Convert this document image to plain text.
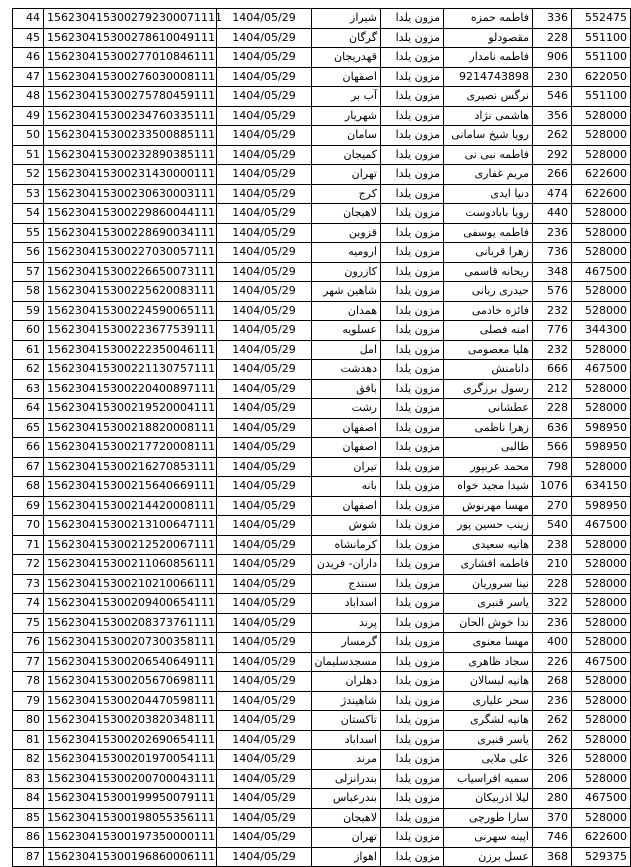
44	1562304153002792300071111	1404/05/29	شیراز	مزون یلدا	فاطمه حمزه	336	552475
45	156230415300278610049111	1404/05/29	گرگان	مزون یلدا	مقصودلو	228	551100
46	156230415300277010846111	1404/05/29	قهدریجان	مزون یلدا	فاطمه نامدار	906	551100
47	156230415300276030008111	1404/05/29	اصفهان	مزون یلدا	9214743898	230	622050
48	156230415300275780459111	1404/05/29	آب بر	مزون یلدا	نرگس نصیری	546	551100
49	156230415300234760335111	1404/05/29	شهریار	مزون یلدا	هاشمی نژاد	356	528000
50	156230415300233500885111	1404/05/29	سامان	مزون یلدا	رویا شیخ سامانی	262	528000
51	156230415300232890385111	1404/05/29	کمیجان	مزون یلدا	فاطمه نبی نی	292	528000
52	156230415300231430000111	1404/05/29	تهران	مزون یلدا	مریم غفاری	266	622600
53	156230415300230630003111	1404/05/29	کرج	مزون یلدا	دنیا ایدی	474	622600
54	156230415300229860044111	1404/05/29	لاهیجان	مزون یلدا	رویا بابادوست	440	528000
55	156230415300228690034111	1404/05/29	قزوین	مزون یلدا	فاطمه یوسفی	236	528000
56	156230415300227030057111	1404/05/29	ارومیه	مزون یلدا	زهرا قربانی	736	528000
57	156230415300226650073111	1404/05/29	کازرون	مزون یلدا	ریحانه قاسمی	348	467500
58	156230415300225620083111	1404/05/29	شاهین شهر	مزون یلدا	حیدری ربانی	576	528000
59	156230415300224590065111	1404/05/29	همدان	مزون یلدا	فائزه خادمی	232	528000
60	156230415300223677539111	1404/05/29	عسلویه	مزون یلدا	امنه فصلی	776	344300
61	156230415300222350046111	1404/05/29	امل	مزون یلدا	هلیا معصومی	232	528000
62	156230415300221130757111	1404/05/29	دهدشت	مزون یلدا	دانامنش	666	467500
63	156230415300220400897111	1404/05/29	بافق	مزون یلدا	رسول برزگری	212	528000
64	156230415300219520004111	1404/05/29	رشت	مزون یلدا	عطشانی	228	528000
65	156230415300218820008111	1404/05/29	اصفهان	مزون یلدا	زهرا ناظمی	636	598950
66	156230415300217720008111	1404/05/29	اصفهان	مزون یلدا	طالبی	566	598950
67	156230415300216270853111	1404/05/29	تیران	مزون یلدا	محمد عربپور	798	528000
68	156230415300215640669111	1404/05/29	بانه	مزون یلدا	شیدا مجید خواه	1076	634150
69	156230415300214420008111	1404/05/29	اصفهان	مزون یلدا	مهسا مهرنوش	270	598950
70	156230415300213100647111	1404/05/29	شوش	مزون یلدا	زینب حسین پور	540	467500
71	156230415300212520067111	1404/05/29	کرمانشاه	مزون یلدا	هانیه سعیدی	238	528000
72	156230415300211060856111	1404/05/29	داران- فریدن	مزون یلدا	فاطمه افشاری	210	528000
73	156230415300210210066111	1404/05/29	سنندج	مزون یلدا	نینا سروریان	228	528000
74	156230415300209400654111	1404/05/29	اسداباد	مزون یلدا	یاسر قنبری	322	528000
75	156230415300208373761111	1404/05/29	پرند	مزون یلدا	ندا خوش الحان	236	528000
76	156230415300207300358111	1404/05/29	گرمسار	مزون یلدا	مهسا معنوی	400	528000
77	156230415300206540649111	1404/05/29	مسجدسلیمان	مزون یلدا	سجاد ظاهری	226	467500
78	156230415300205670698111	1404/05/29	دهلران	مزون یلدا	هانیه لبسالان	268	528000
79	156230415300204470598111	1404/05/29	شاهیندژ	مزون یلدا	سحر علیاری	236	528000
80	156230415300203820348111	1404/05/29	تاکستان	مزون یلدا	هانیه لشگری	262	528000
81	156230415300202690654111	1404/05/29	اسداباد	مزون یلدا	یاسر قنبری	262	528000
82	156230415300201970054111	1404/05/29	مرند	مزون یلدا	علی ملایی	326	528000
83	156230415300200700043111	1404/05/29	بندرانزلی	مزون یلدا	سمیه افراسیاب	206	528000
84	156230415300199950079111	1404/05/29	بندرعباس	مزون یلدا	لیلا اذربیکان	280	467500
85	156230415300198055356111	1404/05/29	لاهیجان	مزون یلدا	سارا طورچی	370	528000
86	156230415300197350000111	1404/05/29	تهران	مزون یلدا	اپینه سهرنی	746	622600
87	156230415300196860006111	1404/05/29	اهواز	مزون یلدا	عسل برزن	368	529375
